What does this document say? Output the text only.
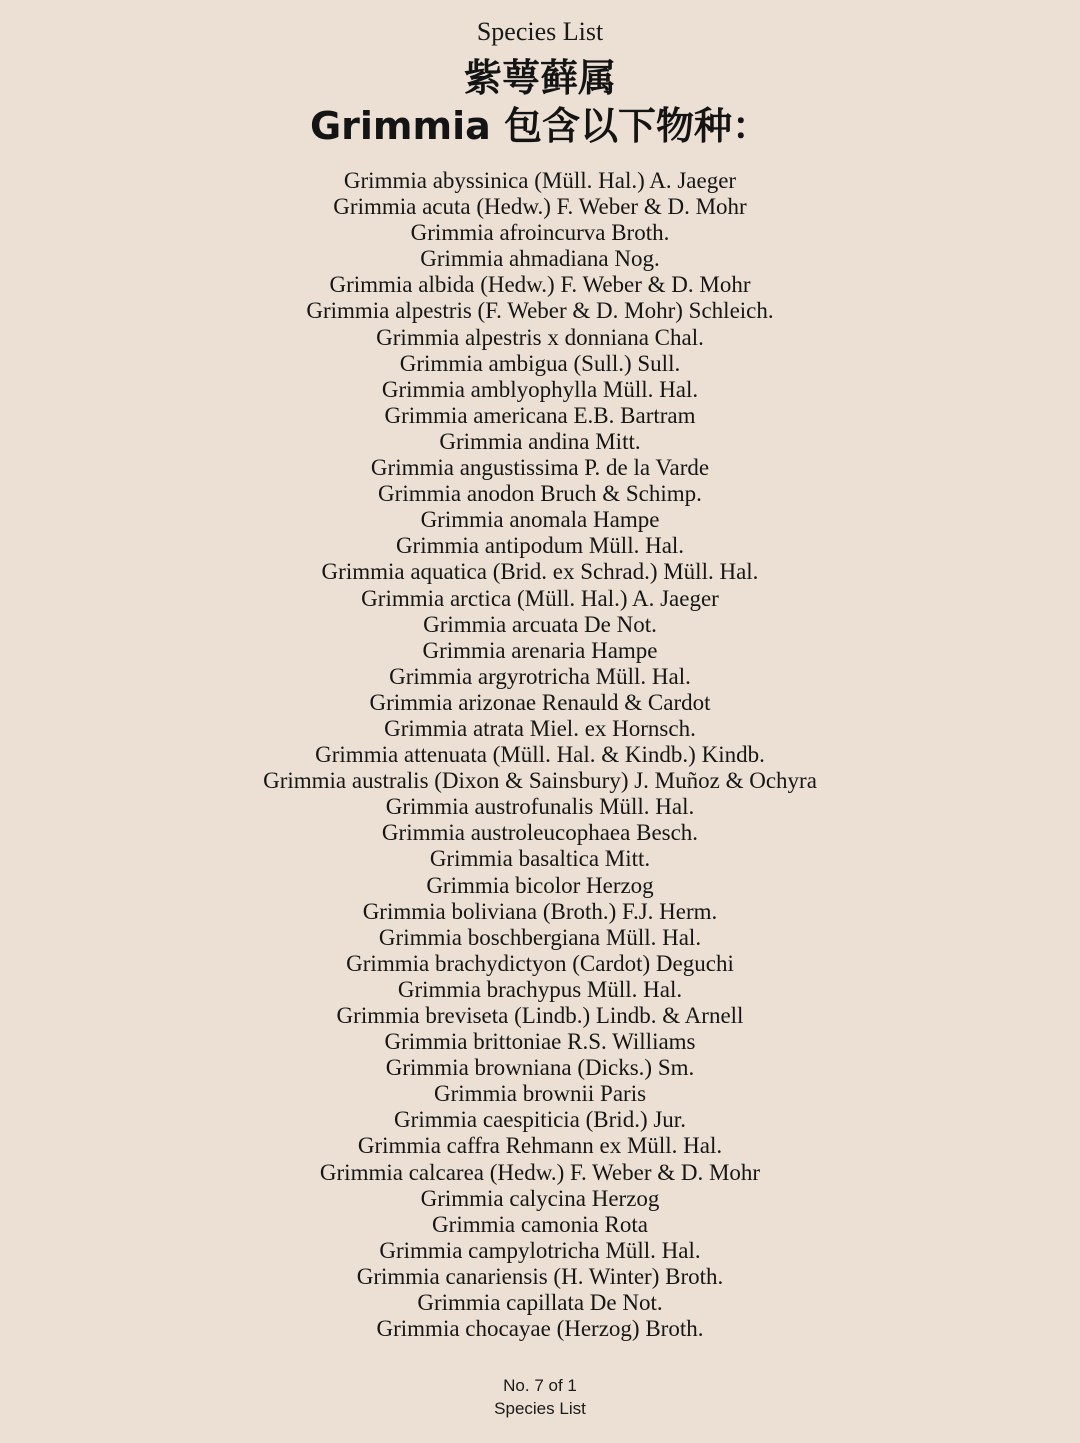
Species List
紫萼藓属
Grimmia 包含以下物种：
Grimmia abyssinica (Müll. Hal.) A. Jaeger
Grimmia acuta (Hedw.) F. Weber & D. Mohr
Grimmia afroincurva Broth.
Grimmia ahmadiana Nog.
Grimmia albida (Hedw.) F. Weber & D. Mohr
Grimmia alpestris (F. Weber & D. Mohr) Schleich.
Grimmia alpestris x donniana Chal.
Grimmia ambigua (Sull.) Sull.
Grimmia amblyophylla Müll. Hal.
Grimmia americana E.B. Bartram
Grimmia andina Mitt.
Grimmia angustissima P. de la Varde
Grimmia anodon Bruch & Schimp.
Grimmia anomala Hampe
Grimmia antipodum Müll. Hal.
Grimmia aquatica (Brid. ex Schrad.) Müll. Hal.
Grimmia arctica (Müll. Hal.) A. Jaeger
Grimmia arcuata De Not.
Grimmia arenaria Hampe
Grimmia argyrotricha Müll. Hal.
Grimmia arizonae Renauld & Cardot
Grimmia atrata Miel. ex Hornsch.
Grimmia attenuata (Müll. Hal. & Kindb.) Kindb.
Grimmia australis (Dixon & Sainsbury) J. Muñoz & Ochyra
Grimmia austrofunalis Müll. Hal.
Grimmia austroleucophaea Besch.
Grimmia basaltica Mitt.
Grimmia bicolor Herzog
Grimmia boliviana (Broth.) F.J. Herm.
Grimmia boschbergiana Müll. Hal.
Grimmia brachydictyon (Cardot) Deguchi
Grimmia brachypus Müll. Hal.
Grimmia breviseta (Lindb.) Lindb. & Arnell
Grimmia brittoniae R.S. Williams
Grimmia browniana (Dicks.) Sm.
Grimmia brownii Paris
Grimmia caespiticia (Brid.) Jur.
Grimmia caffra Rehmann ex Müll. Hal.
Grimmia calcarea (Hedw.) F. Weber & D. Mohr
Grimmia calycina Herzog
Grimmia camonia Rota
Grimmia campylotricha Müll. Hal.
Grimmia canariensis (H. Winter) Broth.
Grimmia capillata De Not.
Grimmia chocayae (Herzog) Broth.
No. 7 of 1
Species List
